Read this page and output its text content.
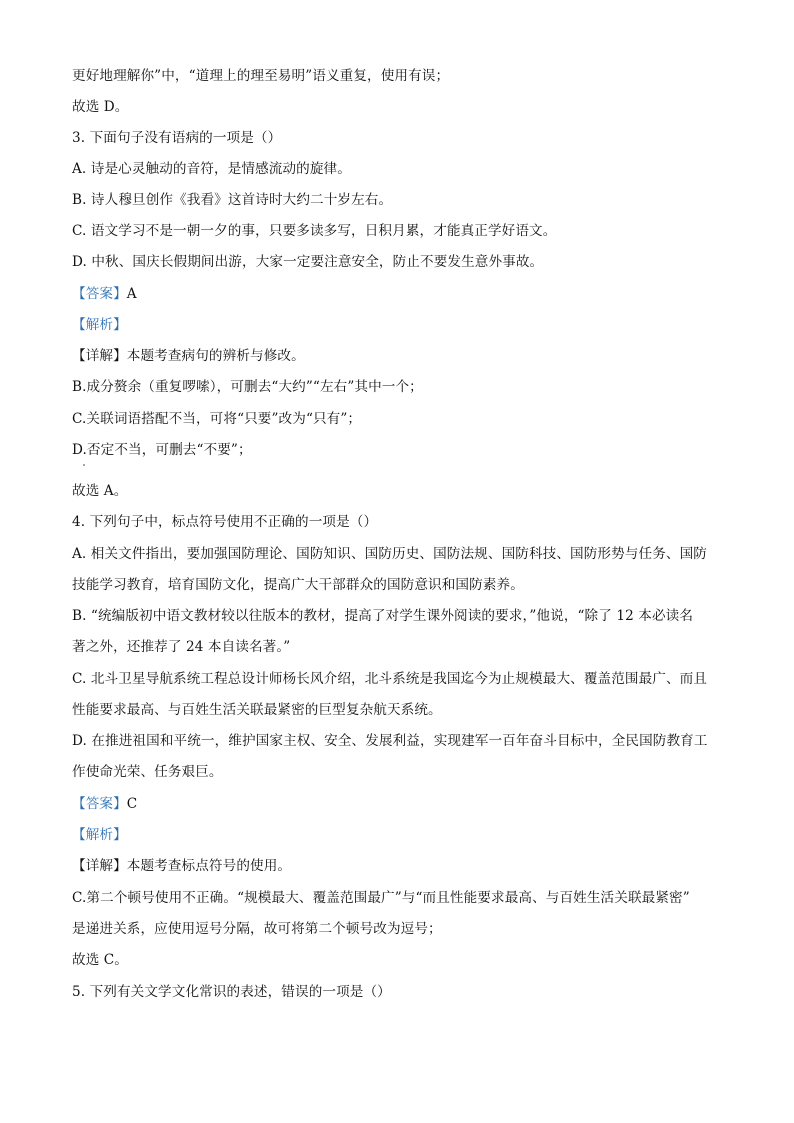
更好地理解你”中，“道理上的理至易明”语义重复，使用有误；
故选 D。
3. 下面句子没有语病的一项是（）
A. 诗是心灵触动的音符，是情感流动的旋律。
B. 诗人穆旦创作《我看》这首诗时大约二十岁左右。
C. 语文学习不是一朝一夕的事，只要多读多写，日积月累，才能真正学好语文。
D. 中秋、国庆长假期间出游，大家一定要注意安全，防止不要发生意外事故。
【答案】A
【解析】
【详解】本题考查病句的辨析与修改。
B.成分赘余（重复啰嗦），可删去“大约”“左右”其中一个；
C.关联词语搭配不当，可将“只要”改为“只有”；
D.否定不当，可删去“不要”；
故选 A。
4. 下列句子中，标点符号使用不正确的一项是（）
A. 相关文件指出，要加强国防理论、国防知识、国防历史、国防法规、国防科技、国防形势与任务、国防
技能学习教育，培育国防文化，提高广大干部群众的国防意识和国防素养。
B. “统编版初中语文教材较以往版本的教材，提高了对学生课外阅读的要求，”他说，“除了 12 本必读名
著之外，还推荐了 24 本自读名著。”
C. 北斗卫星导航系统工程总设计师杨长风介绍，北斗系统是我国迄今为止规模最大、覆盖范围最广、而且
性能要求最高、与百姓生活关联最紧密的巨型复杂航天系统。
D. 在推进祖国和平统一，维护国家主权、安全、发展利益，实现建军一百年奋斗目标中，全民国防教育工
作使命光荣、任务艰巨。
【答案】C
【解析】
【详解】本题考查标点符号的使用。
C.第二个顿号使用不正确。“规模最大、覆盖范围最广”与“而且性能要求最高、与百姓生活关联最紧密”
是递进关系，应使用逗号分隔，故可将第二个顿号改为逗号；
故选 C。
5. 下列有关文学文化常识的表述，错误的一项是（）
